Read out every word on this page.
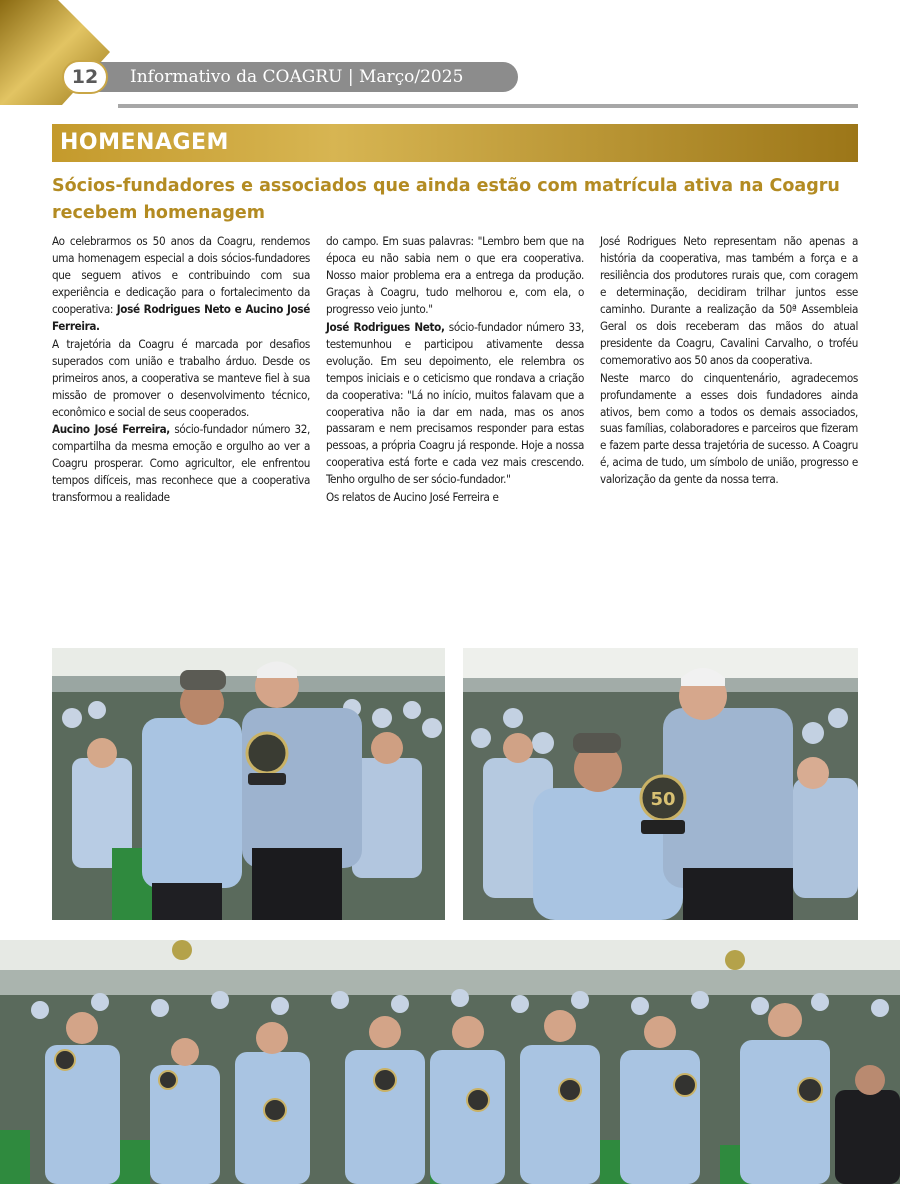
12	Informativo da COAGRU | Março/2025
HOMENAGEM
Sócios-fundadores e associados que ainda estão com matrícula ativa na Coagru recebem homenagem

Ao celebrarmos os 50 anos da Coagru, rendemos uma homenagem especial a dois sócios-fundadores que seguem ativos e contribuindo com sua experiência e dedicação para o fortalecimento da cooperativa: José Rodrigues Neto e Aucino José Ferreira.

A trajetória da Coagru é marcada por desafios superados com união e trabalho árduo. Desde os primeiros anos, a cooperativa se manteve fiel à sua missão de promover o desenvolvimento técnico, econômico e social de seus cooperados.

Aucino José Ferreira, sócio-fundador número 32, compartilha da mesma emoção e orgulho ao ver a Coagru prosperar. Como agricultor, ele enfrentou tempos difíceis, mas reconhece que a cooperativa transformou a realidade

do campo. Em suas palavras: "Lembro bem que na época eu não sabia nem o que era cooperativa. Nosso maior problema era a entrega da produção. Graças à Coagru, tudo melhorou e, com ela, o progresso veio junto."

José Rodrigues Neto, sócio-fundador número 33, testemunhou e participou ativamente dessa evolução. Em seu depoimento, ele relembra os tempos iniciais e o ceticismo que rondava a criação da cooperativa: "Lá no início, muitos falavam que a cooperativa não ia dar em nada, mas os anos passaram e nem precisamos responder para estas pessoas, a própria Coagru já responde. Hoje a nossa cooperativa está forte e cada vez mais crescendo. Tenho orgulho de ser sócio-fundador."

Os relatos de Aucino José Ferreira e

José Rodrigues Neto representam não apenas a história da cooperativa, mas também a força e a resiliência dos produtores rurais que, com coragem e determinação, decidiram trilhar juntos esse caminho. Durante a realização da 50ª Assembleia Geral os dois receberam das mãos do atual presidente da Coagru, Cavalini Carvalho, o troféu comemorativo aos 50 anos da cooperativa.

Neste marco do cinquentenário, agradecemos profundamente a esses dois fundadores ainda ativos, bem como a todos os demais associados, suas famílias, colaboradores e parceiros que fizeram e fazem parte dessa trajetória de sucesso. A Coagru é, acima de tudo, um símbolo de união, progresso e valorização da gente da nossa terra.

50
